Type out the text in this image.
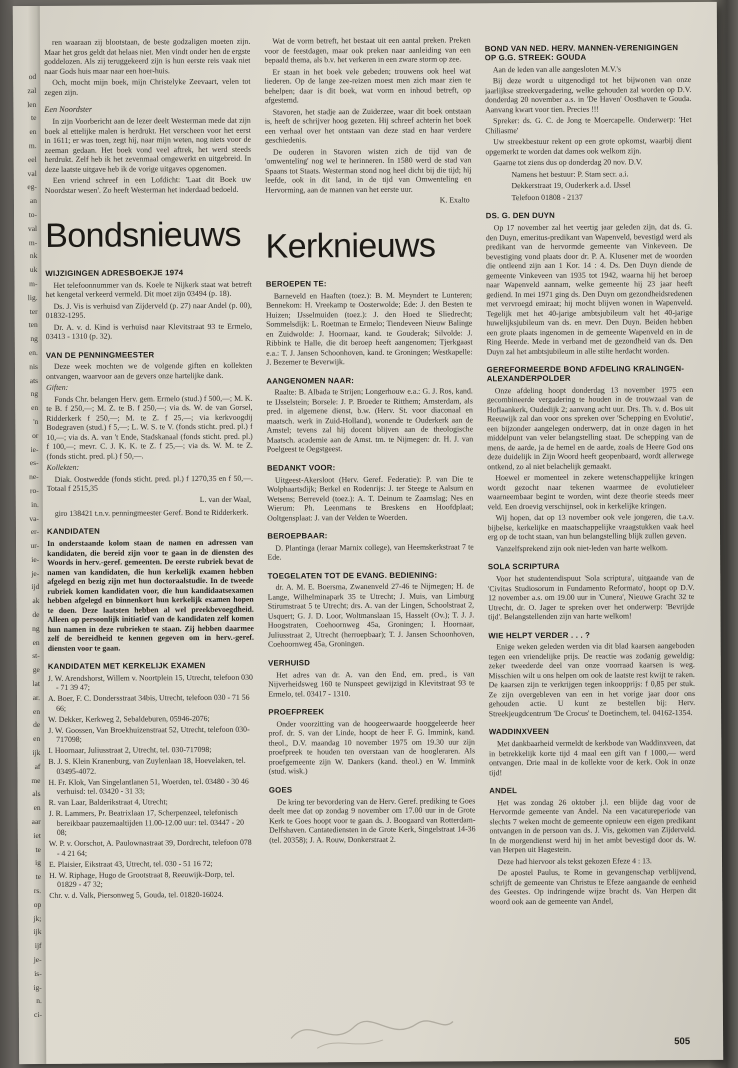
od
zal
len
te
en
m.
eel
val
eg-
an
to-
val
m-
nk
uk
m-
lig.
ter
ten
ng
en.
nis
ats
ng
en
'n
or
ie-
es-
ne-
ro-
in.
va-
er-
ur-
ie-
je-
ijd
ak
de
ng
en
st-
ge
lat
ar.
en
de
en
ijk
af
me
als
en
aar
iet
te
ig
te
rs.
op
jk;
ijk
ijf
je-
is-
ig-
n.
ci-
ren waaraan zij blootstaan, de beste godzaligen moeten zijn. Maar het gros geldt dat helaas niet. Men vindt onder hen de ergste goddelozen. Als zij teruggekeerd zijn is hun eerste reis vaak niet naar Gods huis maar naar een hoer-huis.
Och, mocht mijn boek, mijn Christelyke Zeevaart, velen tot zegen zijn.
Een Noordster
In zijn Voorbericht aan de lezer deelt Westerman mede dat zijn boek al ettelijke malen is herdrukt. Het verscheen voor het eerst in 1611; er was toen, zegt hij, naar mijn weten, nog niets voor de zeeman gedaan. Het boek vond veel aftrek, het werd steeds herdrukt. Zelf heb ik het zevenmaal omgewerkt en uitgebreid. In deze laatste uitgave heb ik de vorige uitgaves opgenomen.
Een vriend schreef in een Lofdicht: 'Laat dit Boek uw Noordstar wesen'. Zo heeft Westerman het inderdaad bedoeld.
Bondsnieuws
WIJZIGINGEN ADRESBOEKJE 1974
Het telefoonnummer van ds. Koele te Nijkerk staat wat betreft het kengetal verkeerd vermeld. Dit moet zijn 03494 (p. 18).
Ds. J. Vis is verhuisd van Zijderveld (p. 27) naar Andel (p. 00), 01832-1295.
Dr. A. v. d. Kind is verhuisd naar Klevitstraat 93 te Ermelo, 03413 - 1310 (p. 32).
VAN DE PENNINGMEESTER
Deze week mochten we de volgende giften en kollekten ontvangen, waarvoor aan de gevers onze hartelijke dank.
Giften:
Fonds Chr. belangen Herv. gem. Ermelo (stud.) f 500,—; M. K. te B. f 250,—; M. Z. te B. f 250,—; via ds. W. de van Gorsel, Ridderkerk f 250,—; M. te Z. f 25,—; via kerkvoogdij Bodegraven (stud.) f 5,—; L. W. S. te V. (fonds sticht. pred. pl.) f 10,—; via ds. A. van 't Ende, Stadskanaal (fonds sticht. pred. pl.) f 100,—; mevr. C. J. K. K. te Z. f 25,—; via ds. W. M. te Z. (fonds sticht. pred. pl.) f 50,—.
Kollekten:
Diak. Oostwedde (fonds sticht. pred. pl.) f 1270,35 en f 50,—. Totaal f 2515,35
L. van der Waal,
giro 138421 t.n.v. penningmeester Geref. Bond te Ridderkerk.
KANDIDATEN
In onderstaande kolom staan de namen en adressen van kandidaten, die bereid zijn voor te gaan in de diensten des Woords in herv.-geref. gemeenten. De eerste rubriek bevat de namen van kandidaten, die hun kerkelijk examen hebben afgelegd en bezig zijn met hun doctoraalstudie. In de tweede rubriek komen kandidaten voor, die hun kandidaatsexamen hebben afgelegd en binnenkort hun kerkelijk examen hopen te doen. Deze laatsten hebben al wel preekbevoegdheid. Alleen op persoonlijk initiatief van de kandidaten zelf komen hun namen in deze rubrieken te staan. Zij hebben daarmee zelf de bereidheid te kennen gegeven om in herv.-geref. diensten voor te gaan.
KANDIDATEN MET KERKELIJK EXAMEN
J. W. Arendshorst, Willem v. Noortplein 15, Utrecht, telefoon 030 - 71 39 47;
A. Boer, F. C. Dondersstraat 34bis, Utrecht, telefoon 030 - 71 56 66;
W. Dekker, Kerkweg 2, Sebaldeburen, 05946-2076;
J. W. Goossen, Van Broekhuizenstraat 52, Utrecht, telefoon 030-717098;
I. Hoornaar, Juliusstraat 2, Utrecht, tel. 030-717098;
B. J. S. Klein Kranenburg, van Zuylenlaan 18, Hoevelaken, tel. 03495-4072.
H. Fr. Klok, Van Singelantlanen 51, Woerden, tel. 03480 - 30 46 verhuisd: tel. 03420 - 31 33;
R. van Laar, Balderikstraat 4, Utrecht;
J. R. Lammers, Pr. Beatrixlaan 17, Scherpenzeel, telefonisch bereikbaar pauzemaaltijden 11.00-12.00 uur: tel. 03447 - 20 08;
W. P. v. Oorschot, A. Paulownastraat 39, Dordrecht, telefoon 078 - 4 21 64;
E. Plaisier, Eikstraat 43, Utrecht, tel. 030 - 51 16 72;
H. W. Riphage, Hugo de Grootstraat 8, Reeuwijk-Dorp, tel. 01829 - 47 32;
Chr. v. d. Valk, Piersonweg 5, Gouda, tel. 01820-16024.
Wat de vorm betreft, het bestaat uit een aantal preken. Preken voor de feestdagen, maar ook preken naar aanleiding van een bepaald thema, als b.v. het verkeren in een zware storm op zee.
Er staan in het boek vele gebeden; trouwens ook heel wat liederen. Op de lange zee-reizen moest men zich maar zien te behelpen; daar is dit boek, wat vorm en inhoud betreft, op afgestemd.
Stavoren, het stadje aan de Zuiderzee, waar dit boek ontstaan is, heeft de schrijver hoog gezeten. Hij schreef achterin het boek een verhaal over het ontstaan van deze stad en haar verdere geschiedenis.
De ouderen in Stavoren wisten zich de tijd van de 'omwenteling' nog wel te herinneren. In 1580 werd de stad van Spaans tot Staats. Westerman stond nog heel dicht bij die tijd; hij leefde, ook in dit land, in de tijd van Omwenteling en Hervorming, aan de mannen van het eerste uur.
K. Exalto
Kerknieuws
BEROEPEN TE:
Barneveld en Haaften (toez.): B. M. Meyndert te Lunteren; Bennekom: H. Vreekamp te Oosterwolde; Ede: J. den Besten te Huizen; IJsselmuiden (toez.): J. den Hoed te Sliedrecht; Sommelsdijk: L. Roetman te Ermelo; Tiendeveen Nieuw Balinge en Zuidwolde: J. Hoornaar, kand. te Gouderak; Silvolde: J. Ribbink te Halle, die dit beroep heeft aangenomen; Tjerkgaast e.a.: T. J. Jansen Schoonhoven, kand. te Groningen; Westkapelle: J. Bezemer te Beverwijk.
AANGENOMEN NAAR:
Raalte: B. Albada te Strijen; Longerhouw e.a.: G. J. Ros, kand. te IJsselstein; Borsele: J. P. Broeder te Ritthem; Amsterdam, als pred. in algemene dienst, b.w. (Herv. St. voor diaconaal en maatsch. werk in Zuid-Holland), wonende te Ouderkerk aan de Amstel; tevens zal hij docent blijven aan de theologische Maatsch. academie aan de Amst. tm. te Nijmegen: dr. H. J. van Poelgeest te Oegstgeest.
BEDANKT VOOR:
Uitgeest-Akersloot (Herv. Geref. Federatie): P. van Die te Wolphaartsdijk; Berkel en Rodenrijs: J. ter Steege te Aalsum en Wetsens; Berreveld (toez.): A. T. Deinum te Zaamslag; Nes en Wierum: Ph. Leenmans te Breskens en Hoofdplaat; Ooltgensplaat: J. van der Velden te Woerden.
BEROEPBAAR:
D. Plantinga (leraar Marnix college), van Heemskerkstraat 7 te Ede.
TOEGELATEN TOT DE EVANG. BEDIENING:
dr. A. M. E. Boersma, Zwanenveld 27-46 te Nijmegen; H. de Lange, Wilhelminapark 35 te Utrecht; J. Muis, van Limburg Stirumstraat 5 te Utrecht; drs. A. van der Lingen, Schoolstraat 2, Usquert; G. J. D. Loor, Woltmanslaan 15, Hasselt (Ov.); T. J. J. Hoogstraten, Coehoornweg 45a, Groningen; I. Hoornaar, Juliusstraat 2, Utrecht (herroepbaar); T. J. Jansen Schoonhoven, Coehoornweg 45a, Groningen.
VERHUISD
Het adres van dr. A. van den End, em. pred., is van Nijverheidsweg 160 te Nunspeet gewijzigd in Klevitstraat 93 te Ermelo, tel. 03417 - 1310.
PROEFPREEK
Onder voorzitting van de hoogeerwaarde hooggeleerde heer prof. dr. S. van der Linde, hoopt de heer F. G. Immink, kand. theol., D.V. maandag 10 november 1975 om 19.30 uur zijn proefpreek te houden ten overstaan van de hoogleraren. Als proefgemeente zijn W. Dankers (kand. theol.) en W. Immink (stud. wisk.)
GOES
De kring ter bevordering van de Herv. Geref. prediking te Goes deelt mee dat op zondag 9 november om 17.00 uur in de Grote Kerk te Goes hoopt voor te gaan ds. J. Boogaard van Rotterdam-Delfshaven. Cantatediensten in de Grote Kerk, Singelstraat 14-36 (tel. 20358); J. A. Rouw, Donkerstraat 2.
BOND VAN NED. HERV. MANNEN-VERENIGINGEN OP G.G. STREEK: GOUDA
Aan de leden van alle aangesloten M.V.'s
Bij deze wordt u uitgenodigd tot het bijwonen van onze jaarlijkse streekvergadering, welke gehouden zal worden op D.V. donderdag 20 november a.s. in 'De Haven' Oosthaven te Gouda. Aanvang kwart voor tien. Precies !!!
Spreker: ds. G. C. de Jong te Moercapelle. Onderwerp: 'Het Chiliasme'
Uw streekbestuur rekent op een grote opkomst, waarbij dient opgemerkt te worden dat dames ook welkom zijn.
Gaarne tot ziens dus op donderdag 20 nov. D.V.
Namens het bestuur: P. Stam secr. a.i.
Dekkerstraat 19, Ouderkerk a.d. IJssel
Telefoon 01808 - 2137
DS. G. DEN DUYN
Op 17 november zal het veertig jaar geleden zijn, dat ds. G. den Duyn, emeritus-predikant van Wapenveld, bevestigd werd als predikant van de hervormde gemeente van Vinkeveen. De bevestiging vond plaats door dr. P. A. Klusener met de woorden die ontleend zijn aan 1 Kor. 14 : 4. Ds. Den Duyn diende de gemeente Vinkeveen van 1935 tot 1942, waarna hij het beroep naar Wapenveld aannam, welke gemeente hij 23 jaar heeft gediend. In mei 1971 ging ds. Den Duyn om gezondheidsredenen met vervroegd emiraat; hij mocht blijven wonen in Wapenveld. Tegelijk met het 40-jarige ambtsjubileum valt het 40-jarige huwelijksjubileum van ds. en mevr. Den Duyn. Beiden hebben een grote plaats ingenomen in de gemeente Wapenveld en in de Ring Heerde. Mede in verband met de gezondheid van ds. Den Duyn zal het ambtsjubileum in alle stilte herdacht worden.
GEREFORMEERDE BOND AFDELING KRALINGEN-ALEXANDERPOLDER
Onze afdeling hoopt donderdag 13 november 1975 een gecombineerde vergadering te houden in de trouwzaal van de Hoflaankerk, Oudedijk 2; aanvang acht uur. Drs. Th. v. d. Bos uit Reeuwijk zal dan voor ons spreken over 'Schepping en Evolutie', een bijzonder aangelegen onderwerp, dat in onze dagen in het middelpunt van veler belangstelling staat. De schepping van de mens, de aarde, ja de hemel en de aarde, zoals de Heere God ons deze duidelijk in Zijn Woord heeft geopenbaard, wordt allerwege ontkend, zo al niet belachelijk gemaakt.
Hoewel er momenteel in zekere wetenschappelijke kringen wordt gezocht naar tekenen waarmee de evolutieleer waarneembaar begint te worden, wint deze theorie steeds meer veld. Een droevig verschijnsel, ook in kerkelijke kringen.
Wij hopen, dat op 13 november ook vele jongeren, die t.a.v. bijbelse, kerkelijke en maatschappelijke vraagstukken vaak heel erg op de tocht staan, van hun belangstelling blijk zullen geven.
Vanzelfsprekend zijn ook niet-leden van harte welkom.
SOLA SCRIPTURA
Voor het studentendispuut 'Sola scriptura', uitgaande van de 'Civitas Studiosorum in Fundamento Reformato', hoopt op D.V. 12 november a.s. om 19.00 uur in 'Cunera', Nieuwe Gracht 32 te Utrecht, dr. O. Jager te spreken over het onderwerp: 'Bevrijde tijd'. Belangstellenden zijn van harte welkom!
WIE HELPT VERDER . . . ?
Enige weken geleden werden via dit blad kaarsen aangeboden tegen een vriendelijke prijs. De reactie was zodanig geweldig: zeker tweederde deel van onze voorraad kaarsen is weg. Misschien wilt u ons helpen om ook de laatste rest kwijt te raken. De kaarsen zijn te verkrijgen tegen inkoopprijs: f 0,85 per stuk. Ze zijn overgebleven van een in het vorige jaar door ons gehouden actie. U kunt ze bestellen bij: Herv. Streekjeugdcentrum 'De Crocus' te Doetinchem, tel. 04162-1354.
WADDINXVEEN
Met dankbaarheid vermeldt de kerkbode van Waddinxveen, dat in betrekkelijk korte tijd 4 maal een gift van f 1000,— werd ontvangen. Drie maal in de kollekte voor de kerk. Ook in onze tijd!
ANDEL
Het was zondag 26 oktober j.l. een blijde dag voor de Hervormde gemeente van Andel. Na een vacatureperiode van slechts 7 weken mocht de gemeente opnieuw een eigen predikant ontvangen in de persoon van ds. J. Vis, gekomen van Zijderveld. In de morgendienst werd hij in het ambt bevestigd door ds. W. van Herpen uit Hagestein.
Deze had hiervoor als tekst gekozen Efeze 4 : 13.
De apostel Paulus, te Rome in gevangenschap verblijvend, schrijft de gemeente van Christus te Efeze aangaande de eenheid des Geestes. Op indringende wijze bracht ds. Van Herpen dit woord ook aan de gemeente van Andel,
505
